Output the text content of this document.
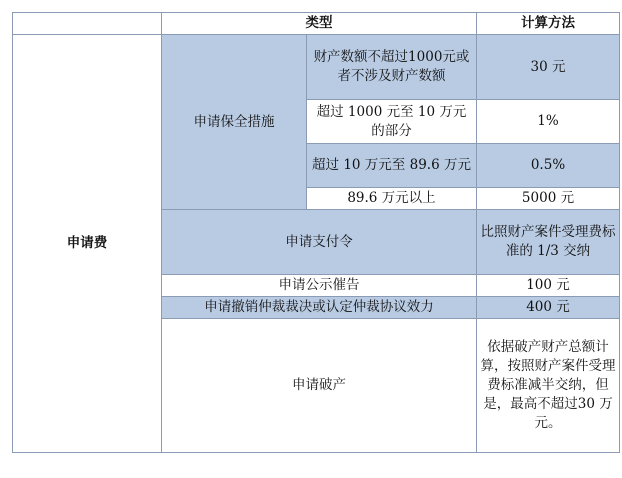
	类型		计算方法
申请费	申请保全措施	财产数额不超过1000元或者不涉及财产数额	30 元
		超过 1000 元至 10 万元的部分	1%
		超过 10 万元至 89.6 万元	0.5%
		89.6 万元以上	5000 元
	申请支付令		比照财产案件受理费标准的 1/3 交纳
	申请公示催告		100 元
	申请撤销仲裁裁决或认定仲裁协议效力		400 元
	申请破产		依据破产财产总额计算，按照财产案件受理费标准减半交纳，但是，最高不超过30 万元。
